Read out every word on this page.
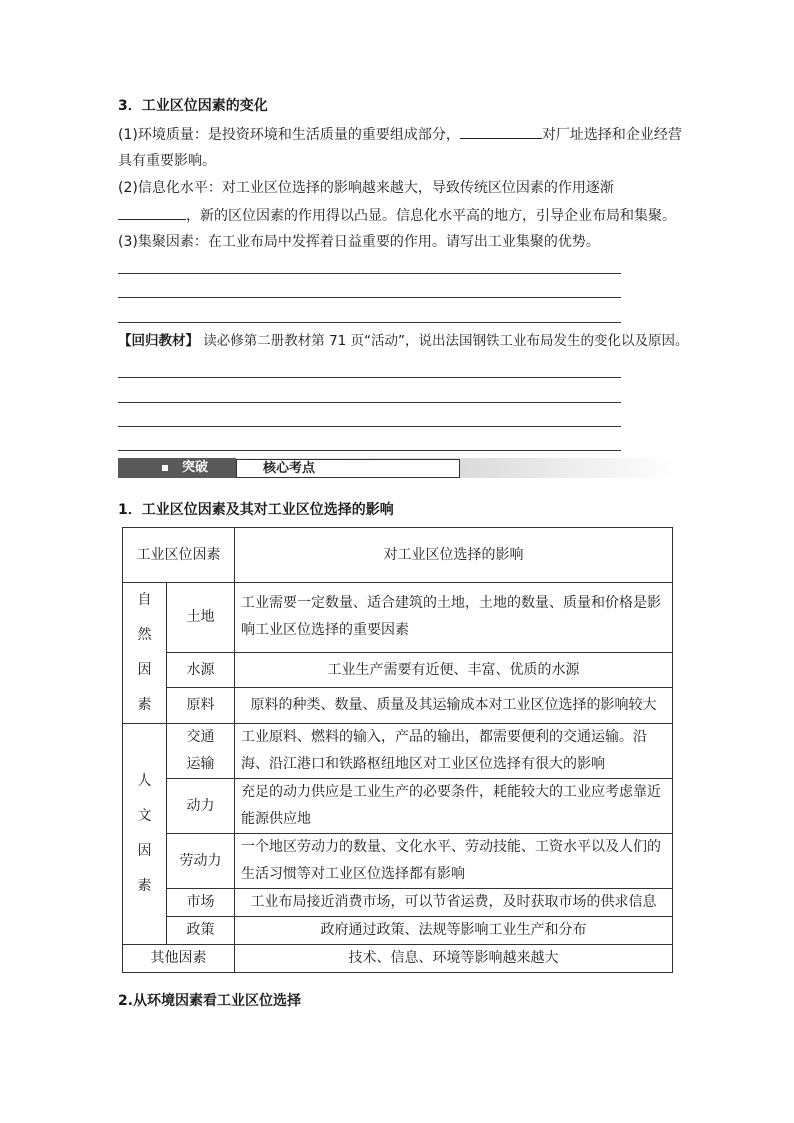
3．工业区位因素的变化
(1)环境质量：是投资环境和生活质量的重要组成部分，	对厂址选择和企业经营
具有重要影响。
(2)信息化水平：对工业区位选择的影响越来越大，导致传统区位因素的作用逐渐
，新的区位因素的作用得以凸显。信息化水平高的地方，引导企业布局和集聚。
(3)集聚因素：在工业布局中发挥着日益重要的作用。请写出工业集聚的优势。
【回归教材】 读必修第二册教材第 71 页“活动”，说出法国钢铁工业布局发生的变化以及原因。
突破	核心考点
1．工业区位因素及其对工业区位选择的影响
工业区位因素		对工业区位选择的影响

自然因素	土地	工业需要一定数量、适合建筑的土地，土地的数量、质量和价格是影响工业区位选择的重要因素
	水源	工业生产需要有近便、丰富、优质的水源
	原料	原料的种类、数量、质量及其运输成本对工业区位选择的影响较大

人文因素	交通运输	工业原料、燃料的输入，产品的输出，都需要便利的交通运输。沿海、沿江港口和铁路枢纽地区对工业区位选择有很大的影响
	动力	充足的动力供应是工业生产的必要条件，耗能较大的工业应考虑靠近能源供应地
	劳动力	一个地区劳动力的数量、文化水平、劳动技能、工资水平以及人们的生活习惯等对工业区位选择都有影响
	市场	工业布局接近消费市场，可以节省运费，及时获取市场的供求信息
	政策	政府通过政策、法规等影响工业生产和分布
其他因素		技术、信息、环境等影响越来越大
2.从环境因素看工业区位选择
